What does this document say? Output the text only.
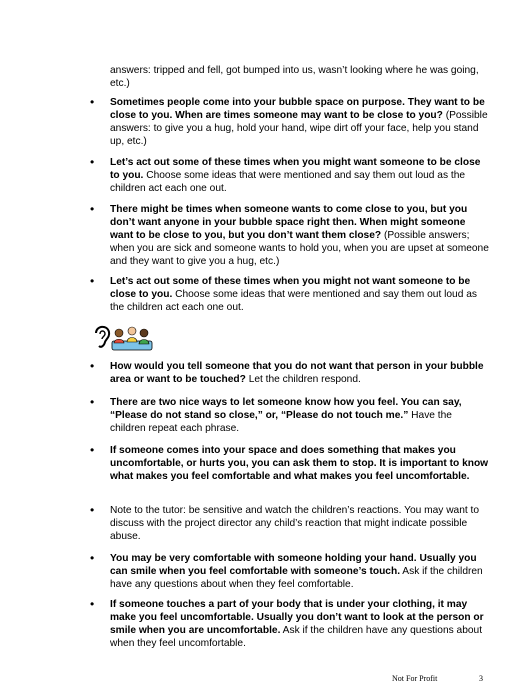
answers: tripped and fell, got bumped into us, wasn’t looking where he was going, etc.)
• Sometimes people come into your bubble space on purpose. They want to be close to you. When are times someone may want to be close to you? (Possible answers: to give you a hug, hold your hand, wipe dirt off your face, help you stand up, etc.)
• Let’s act out some of these times when you might want someone to be close to you. Choose some ideas that were mentioned and say them out loud as the children act each one out.
• There might be times when someone wants to come close to you, but you don’t want anyone in your bubble space right then. When might someone want to be close to you, but you don’t want them close? (Possible answers; when you are sick and someone wants to hold you, when you are upset at someone and they want to give you a hug, etc.)
• Let’s act out some of these times when you might not want someone to be close to you. Choose some ideas that were mentioned and say them out loud as the children act each one out.
• How would you tell someone that you do not want that person in your bubble area or want to be touched? Let the children respond.
• There are two nice ways to let someone know how you feel. You can say, “Please do not stand so close,” or, “Please do not touch me.” Have the children repeat each phrase.
• If someone comes into your space and does something that makes you uncomfortable, or hurts you, you can ask them to stop. It is important to know what makes you feel comfortable and what makes you feel uncomfortable.
• Note to the tutor: be sensitive and watch the children’s reactions. You may want to discuss with the project director any child’s reaction that might indicate possible abuse.
• You may be very comfortable with someone holding your hand. Usually you can smile when you feel comfortable with someone’s touch. Ask if the children have any questions about when they feel comfortable.
• If someone touches a part of your body that is under your clothing, it may make you feel uncomfortable. Usually you don’t want to look at the person or smile when you are uncomfortable. Ask if the children have any questions about when they feel uncomfortable.
Not For Profit	3
